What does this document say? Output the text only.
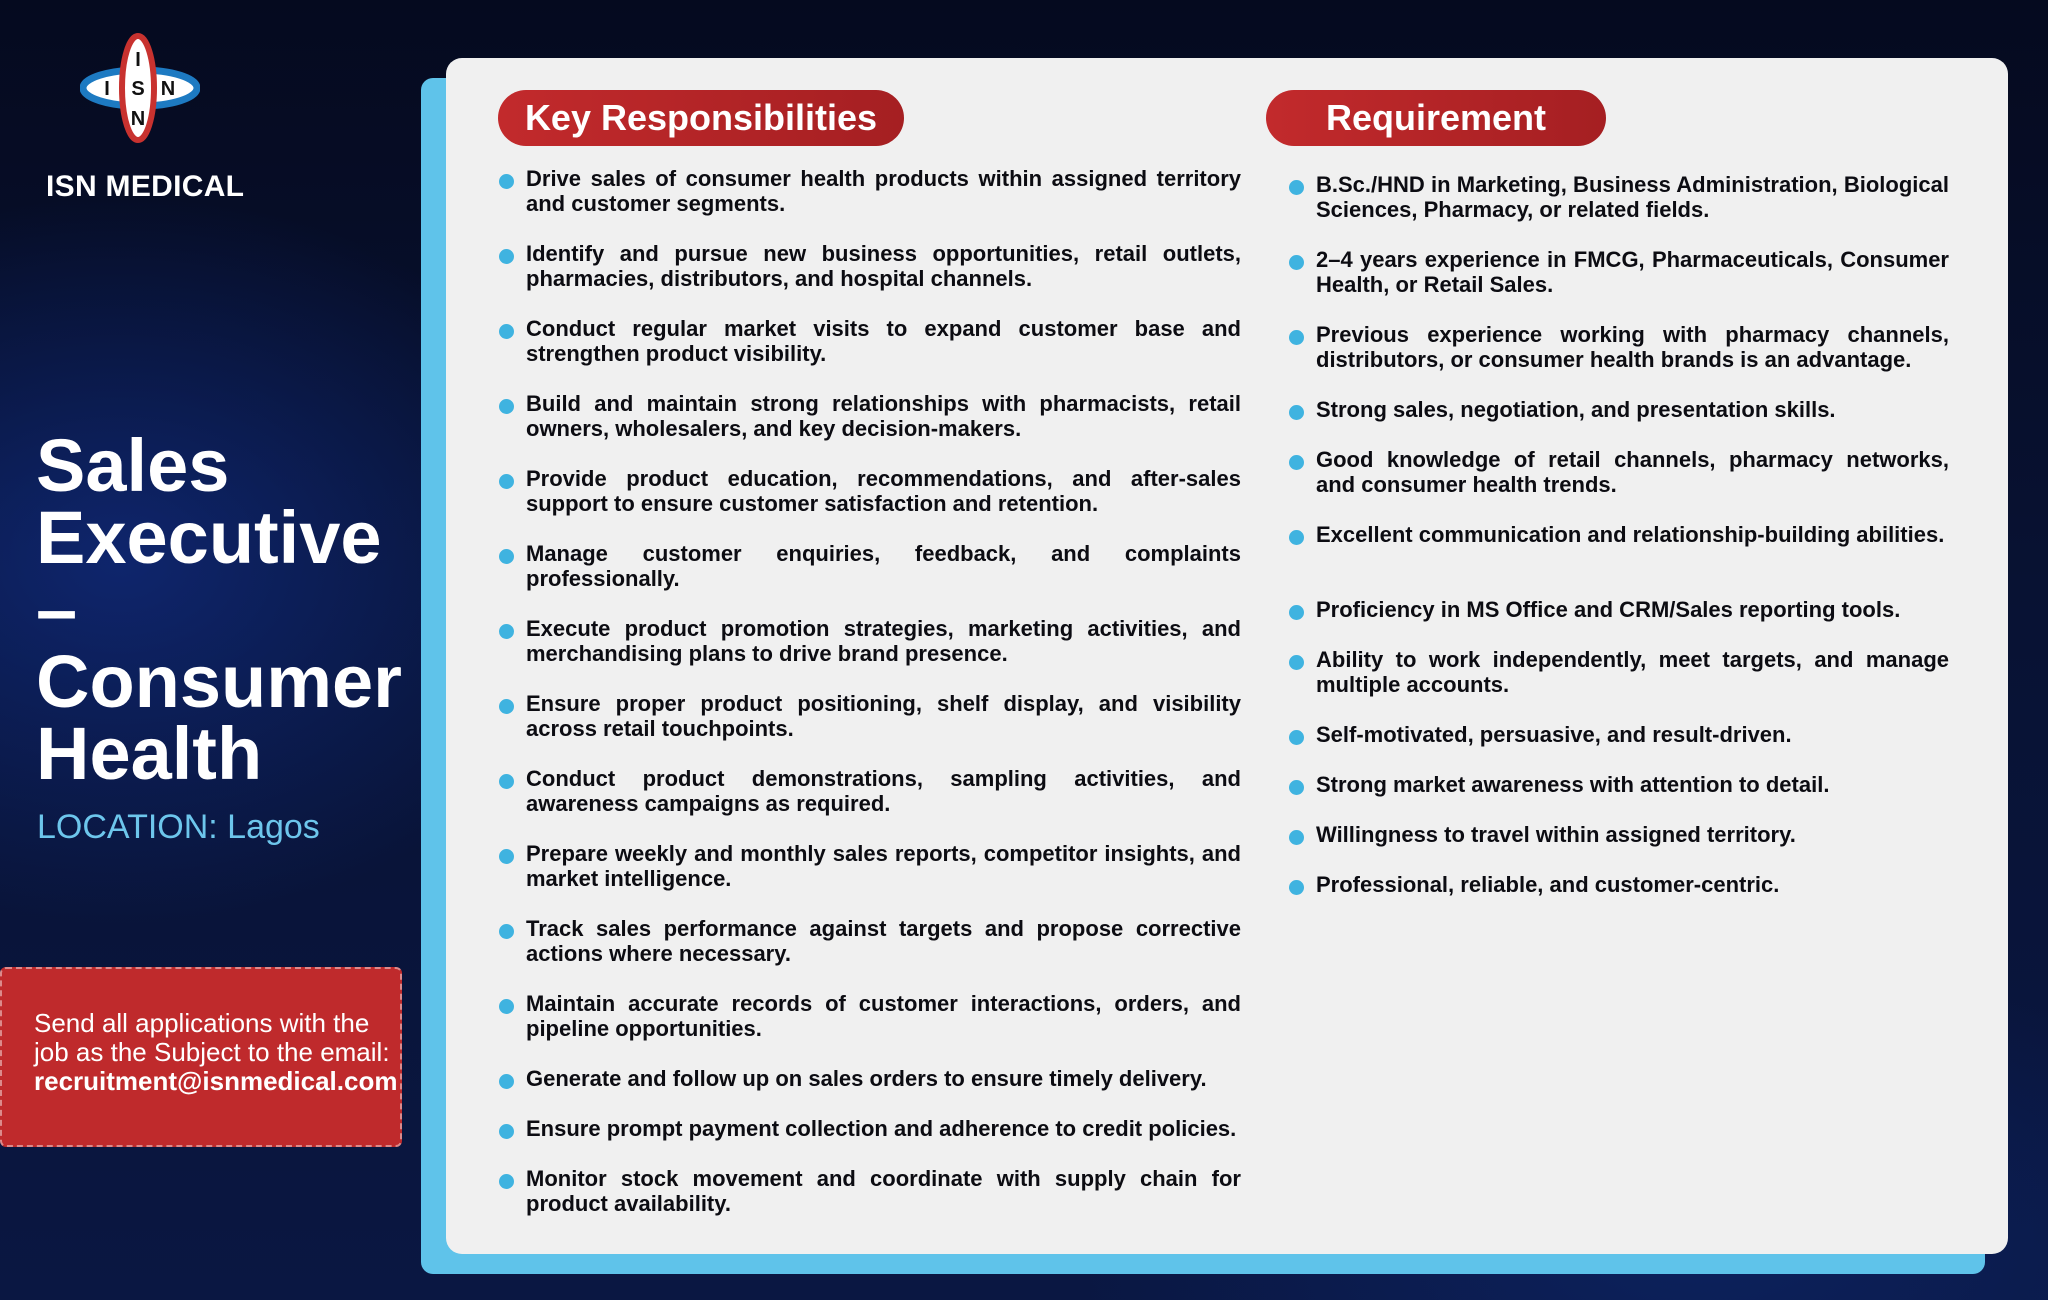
I
I S N
N
ISN MEDICAL
Sales Executive – Consumer Health
LOCATION: Lagos
Send all applications with the job as the Subject to the email:
recruitment@isnmedical.com
Key Responsibilities	Requirement
Drive sales of consumer health products within assigned territory and customer segments.
Identify and pursue new business opportunities, retail outlets, pharmacies, distributors, and hospital channels.
Conduct regular market visits to expand customer base and strengthen product visibility.
Build and maintain strong relationships with pharmacists, retail owners, wholesalers, and key decision-makers.
Provide product education, recommendations, and after-sales support to ensure customer satisfaction and retention.
Manage customer enquiries, feedback, and complaints professionally.
Execute product promotion strategies, marketing activities, and merchandising plans to drive brand presence.
Ensure proper product positioning, shelf display, and visibility across retail touchpoints.
Conduct product demonstrations, sampling activities, and awareness campaigns as required.
Prepare weekly and monthly sales reports, competitor insights, and market intelligence.
Track sales performance against targets and propose corrective actions where necessary.
Maintain accurate records of customer interactions, orders, and pipeline opportunities.
Generate and follow up on sales orders to ensure timely delivery.
Ensure prompt payment collection and adherence to credit policies.
Monitor stock movement and coordinate with supply chain for product availability.
B.Sc./HND in Marketing, Business Administration, Biological Sciences, Pharmacy, or related fields.
2–4 years experience in FMCG, Pharmaceuticals, Consumer Health, or Retail Sales.
Previous experience working with pharmacy channels, distributors, or consumer health brands is an advantage.
Strong sales, negotiation, and presentation skills.
Good knowledge of retail channels, pharmacy networks, and consumer health trends.
Excellent communication and relationship-building abilities.
Proficiency in MS Office and CRM/Sales reporting tools.
Ability to work independently, meet targets, and manage multiple accounts.
Self-motivated, persuasive, and result-driven.
Strong market awareness with attention to detail.
Willingness to travel within assigned territory.
Professional, reliable, and customer-centric.
